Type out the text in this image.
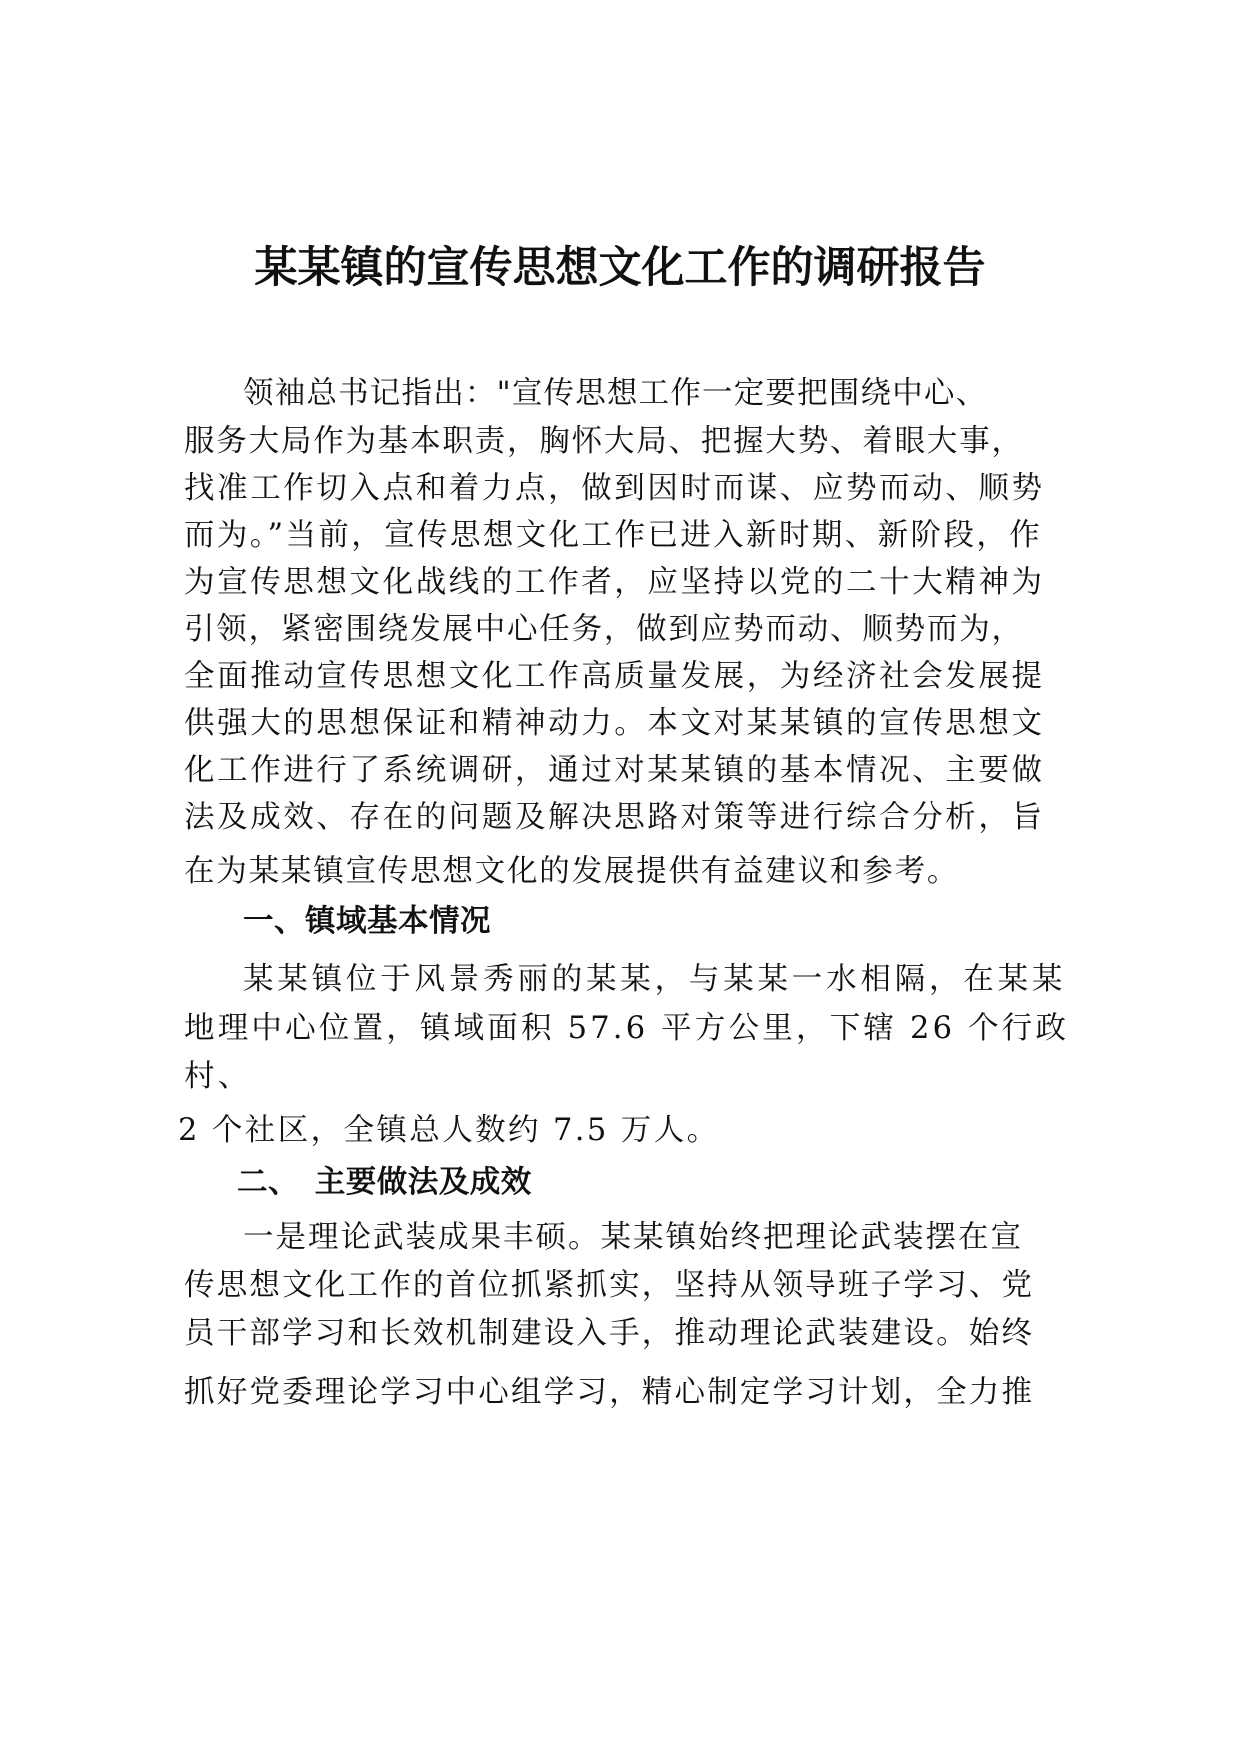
某某镇的宣传思想文化工作的调研报告
领袖总书记指出："宣传思想工作一定要把围绕中心、
服务大局作为基本职责，胸怀大局、把握大势、着眼大事，
找准工作切入点和着力点，做到因时而谋、应势而动、顺势
而为。”当前，宣传思想文化工作已进入新时期、新阶段，作
为宣传思想文化战线的工作者，应坚持以党的二十大精神为
引领，紧密围绕发展中心任务，做到应势而动、顺势而为，
全面推动宣传思想文化工作高质量发展，为经济社会发展提
供强大的思想保证和精神动力。本文对某某镇的宣传思想文
化工作进行了系统调研，通过对某某镇的基本情况、主要做
法及成效、存在的问题及解决思路对策等进行综合分析，旨
在为某某镇宣传思想文化的发展提供有益建议和参考。
一、镇域基本情况
某某镇位于风景秀丽的某某，与某某一水相隔，在某某
地理中心位置，镇域面积 57.6 平方公里，下辖 26 个行政
村、
2 个社区，全镇总人数约 7.5 万人。
二、　主要做法及成效
一是理论武装成果丰硕。某某镇始终把理论武装摆在宣
传思想文化工作的首位抓紧抓实，坚持从领导班子学习、党
员干部学习和长效机制建设入手，推动理论武装建设。始终
抓好党委理论学习中心组学习，精心制定学习计划，全力推
